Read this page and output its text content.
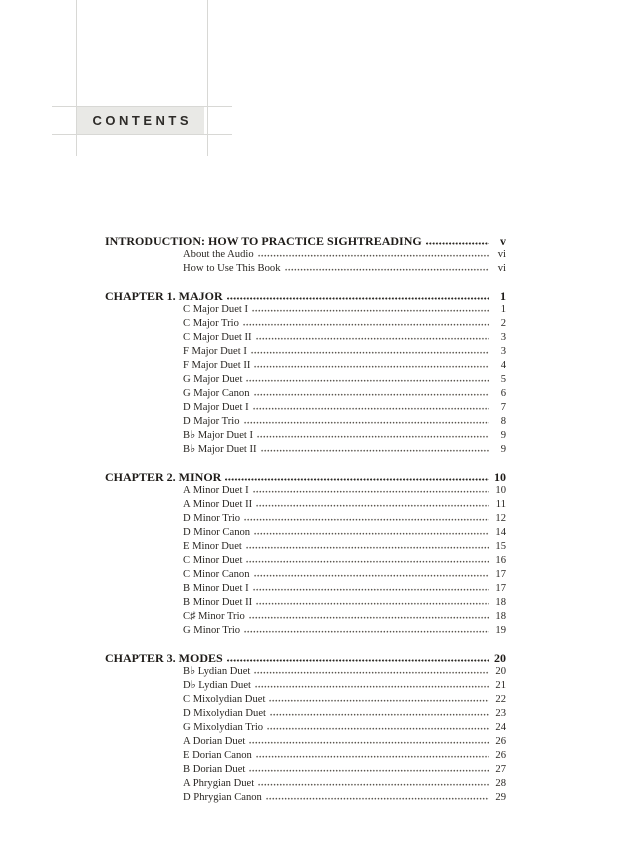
CONTENTS
INTRODUCTION: HOW TO PRACTICE SIGHTREADING	v
About the Audio	vi
How to Use This Book	vi
CHAPTER 1. MAJOR	1
C Major Duet I	1
C Major Trio	2
C Major Duet II	3
F Major Duet I	3
F Major Duet II	4
G Major Duet	5
G Major Canon	6
D Major Duet I	7
D Major Trio	8
B♭ Major Duet I	9
B♭ Major Duet II	9
CHAPTER 2. MINOR	10
A Minor Duet I	10
A Minor Duet II	11
D Minor Trio	12
D Minor Canon	14
E Minor Duet	15
C Minor Duet	16
C Minor Canon	17
B Minor Duet I	17
B Minor Duet II	18
C♯ Minor Trio	18
G Minor Trio	19
CHAPTER 3. MODES	20
B♭ Lydian Duet	20
D♭ Lydian Duet	21
C Mixolydian Duet	22
D Mixolydian Duet	23
G Mixolydian Trio	24
A Dorian Duet	26
E Dorian Canon	26
B Dorian Duet	27
A Phrygian Duet	28
D Phrygian Canon	29
